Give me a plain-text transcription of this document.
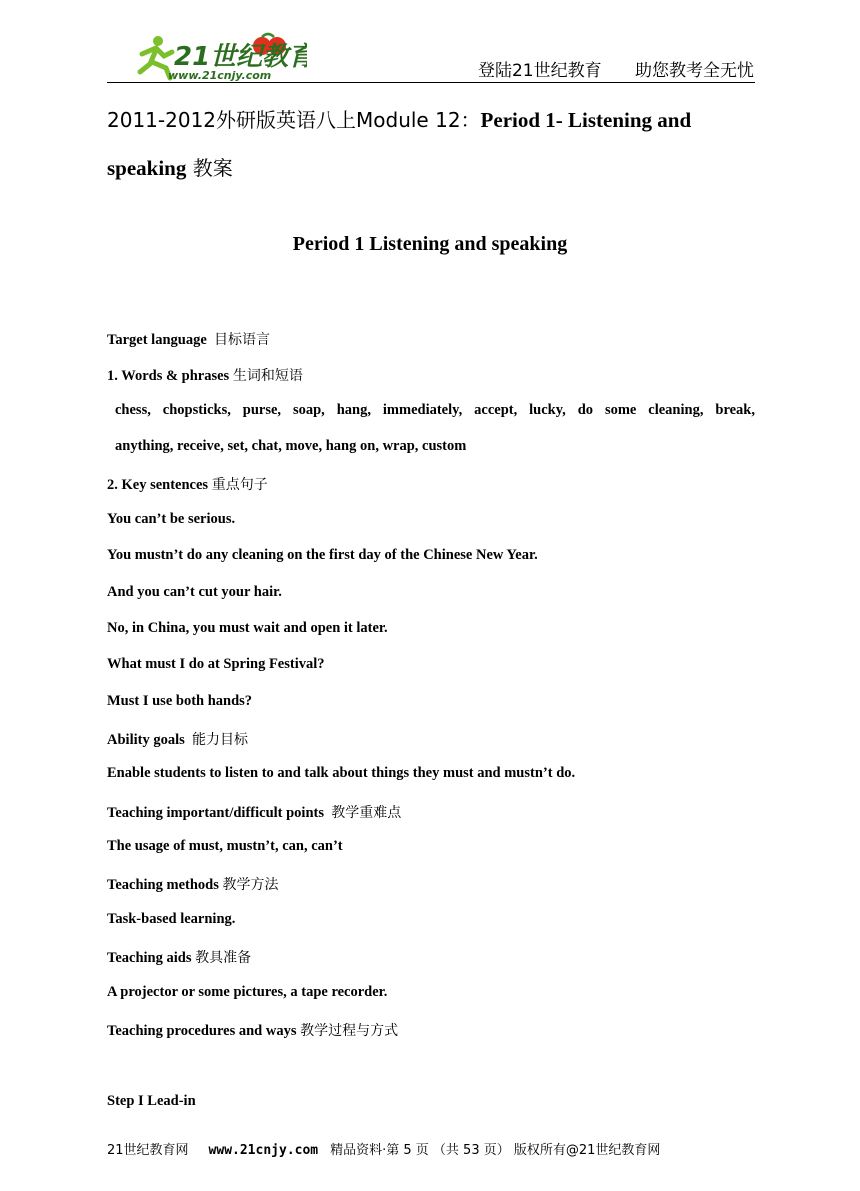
21世纪教育
www.21cnjy.com	登陆21世纪教育 助您教考全无忧
2011-2012外研版英语八上Module 12：Period 1- Listening and speaking 教案
Period 1 Listening and speaking
Target language 目标语言
1. Words & phrases 生词和短语
chess, chopsticks, purse, soap, hang, immediately, accept, lucky, do some cleaning, break,
anything, receive, set, chat, move, hang on, wrap, custom
2. Key sentences 重点句子
You can’t be serious.
You mustn’t do any cleaning on the first day of the Chinese New Year.
And you can’t cut your hair.
No, in China, you must wait and open it later.
What must I do at Spring Festival?
Must I use both hands?
Ability goals 能力目标
Enable students to listen to and talk about things they must and mustn’t do.
Teaching important/difficult points 教学重难点
The usage of must, mustn’t, can, can’t
Teaching methods 教学方法
Task-based learning.
Teaching aids 教具准备
A projector or some pictures, a tape recorder.
Teaching procedures and ways 教学过程与方式
Step I Lead-in
21世纪教育网 www.21cnjy.com 精品资料·第 5 页 （共 53 页） 版权所有@21世纪教育网
